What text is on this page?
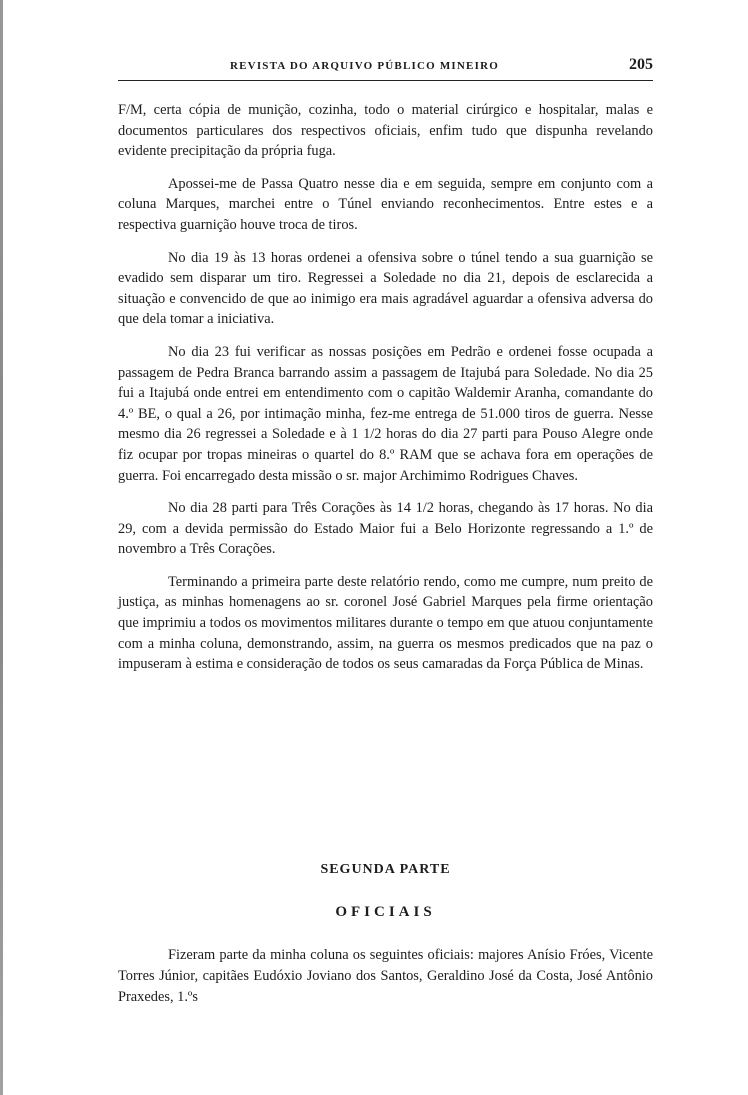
REVISTA DO ARQUIVO PÚBLICO MINEIRO	205

F/M, certa cópia de munição, cozinha, todo o material cirúrgico e hospitalar, malas e documentos particulares dos respectivos oficiais, enfim tudo que dispunha revelando evidente precipitação da própria fuga.

Apossei-me de Passa Quatro nesse dia e em seguida, sempre em conjunto com a coluna Marques, marchei entre o Túnel enviando reconhecimentos. Entre estes e a respectiva guarnição houve troca de tiros.

No dia 19 às 13 horas ordenei a ofensiva sobre o túnel tendo a sua guarnição se evadido sem disparar um tiro. Regressei a Soledade no dia 21, depois de esclarecida a situação e convencido de que ao inimigo era mais agradável aguardar a ofensiva adversa do que dela tomar a iniciativa.

No dia 23 fui verificar as nossas posições em Pedrão e ordenei fosse ocupada a passagem de Pedra Branca barrando assim a passagem de Itajubá para Soledade. No dia 25 fui a Itajubá onde entrei em entendimento com o capitão Waldemir Aranha, comandante do 4.º BE, o qual a 26, por intimação minha, fez-me entrega de 51.000 tiros de guerra. Nesse mesmo dia 26 regressei a Soledade e à 1 1/2 horas do dia 27 parti para Pouso Alegre onde fiz ocupar por tropas mineiras o quartel do 8.º RAM que se achava fora em operações de guerra. Foi encarregado desta missão o sr. major Archimimo Rodrigues Chaves.

No dia 28 parti para Três Corações às 14 1/2 horas, chegando às 17 horas. No dia 29, com a devida permissão do Estado Maior fui a Belo Horizonte regressando a 1.º de novembro a Três Corações.

Terminando a primeira parte deste relatório rendo, como me cumpre, num preito de justiça, as minhas homenagens ao sr. coronel José Gabriel Marques pela firme orientação que imprimiu a todos os movimentos militares durante o tempo em que atuou conjuntamente com a minha coluna, demonstrando, assim, na guerra os mesmos predicados que na paz o impuseram à estima e consideração de todos os seus camaradas da Força Pública de Minas.

SEGUNDA PARTE
OFICIAIS

Fizeram parte da minha coluna os seguintes oficiais: majores Anísio Fróes, Vicente Torres Júnior, capitães Eudóxio Joviano dos Santos, Geraldino José da Costa, José Antônio Praxedes, 1.ºs
